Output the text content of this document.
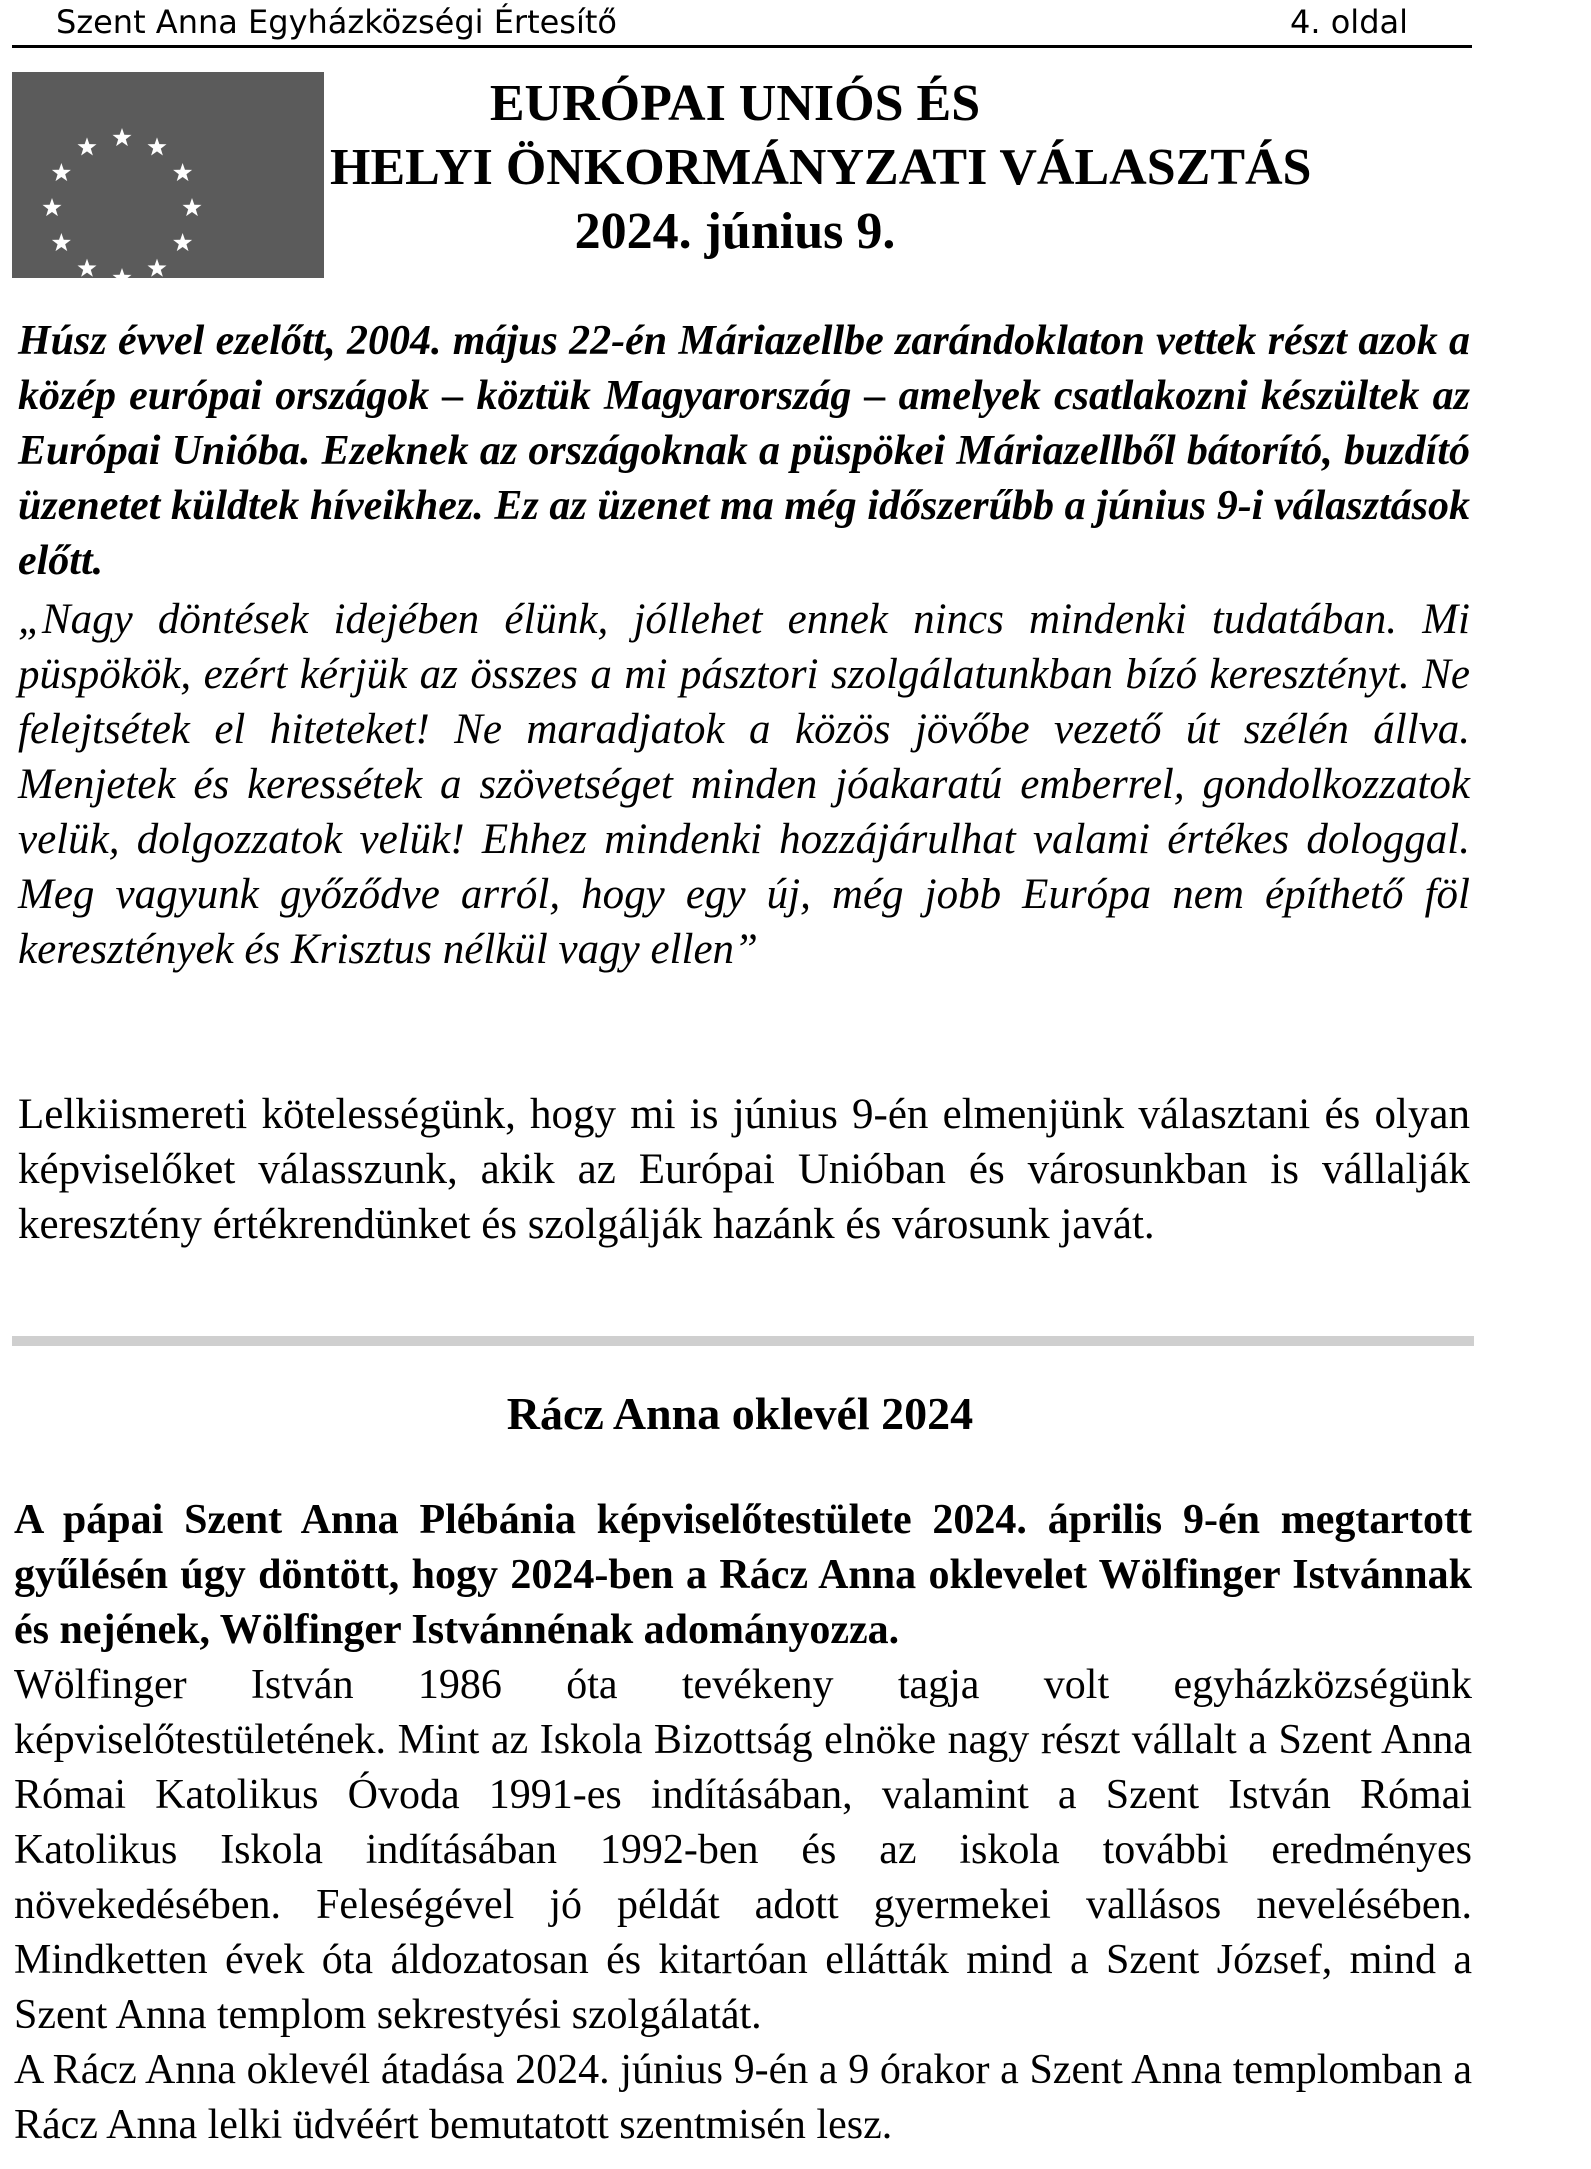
Szent Anna Egyházközségi Értesítő	4. oldal
EURÓPAI UNIÓS ÉS
HELYI ÖNKORMÁNYZATI VÁLASZTÁS
2024. június 9.

Húsz évvel ezelőtt, 2004. május 22-én Máriazellbe zarándoklaton vettek részt azok a közép európai országok – köztük Magyarország – amelyek csatlakozni készültek az Európai Unióba. Ezeknek az országoknak a püspökei Máriazellből bátorító, buzdító üzenetet küldtek híveikhez. Ez az üzenet ma még időszerűbb a június 9-i választások előtt.

„Nagy döntések idejében élünk, jóllehet ennek nincs mindenki tudatában. Mi püspökök, ezért kérjük az összes a mi pásztori szolgálatunkban bízó keresztényt. Ne felejtsétek el hiteteket! Ne maradjatok a közös jövőbe vezető út szélén állva. Menjetek és keressétek a szövetséget minden jóakaratú emberrel, gondolkozzatok velük, dolgozzatok velük! Ehhez mindenki hozzájárulhat valami értékes dologgal. Meg vagyunk győződve arról, hogy egy új, még jobb Európa nem építhető föl keresztények és Krisztus nélkül vagy ellen”

Lelkiismereti kötelességünk, hogy mi is június 9-én elmenjünk választani és olyan képviselőket válasszunk, akik az Európai Unióban és városunkban is vállalják keresztény értékrendünket és szolgálják hazánk és városunk javát.

Rácz Anna oklevél 2024

A pápai Szent Anna Plébánia képviselőtestülete 2024. április 9-én megtartott gyűlésén úgy döntött, hogy 2024-ben a Rácz Anna oklevelet Wölfinger Istvánnak és nejének, Wölfinger Istvánnénak adományozza.

Wölfinger István 1986 óta tevékeny tagja volt egyházközségünk képviselőtestületének. Mint az Iskola Bizottság elnöke nagy részt vállalt a Szent Anna Római Katolikus Óvoda 1991-es indításában, valamint a Szent István Római Katolikus Iskola indításában 1992-ben és az iskola további eredményes növekedésében. Feleségével jó példát adott gyermekei vallásos nevelésében. Mindketten évek óta áldozatosan és kitartóan ellátták mind a Szent József, mind a Szent Anna templom sekrestyési szolgálatát.

A Rácz Anna oklevél átadása 2024. június 9-én a 9 órakor a Szent Anna templomban a Rácz Anna lelki üdvéért bemutatott szentmisén lesz.
